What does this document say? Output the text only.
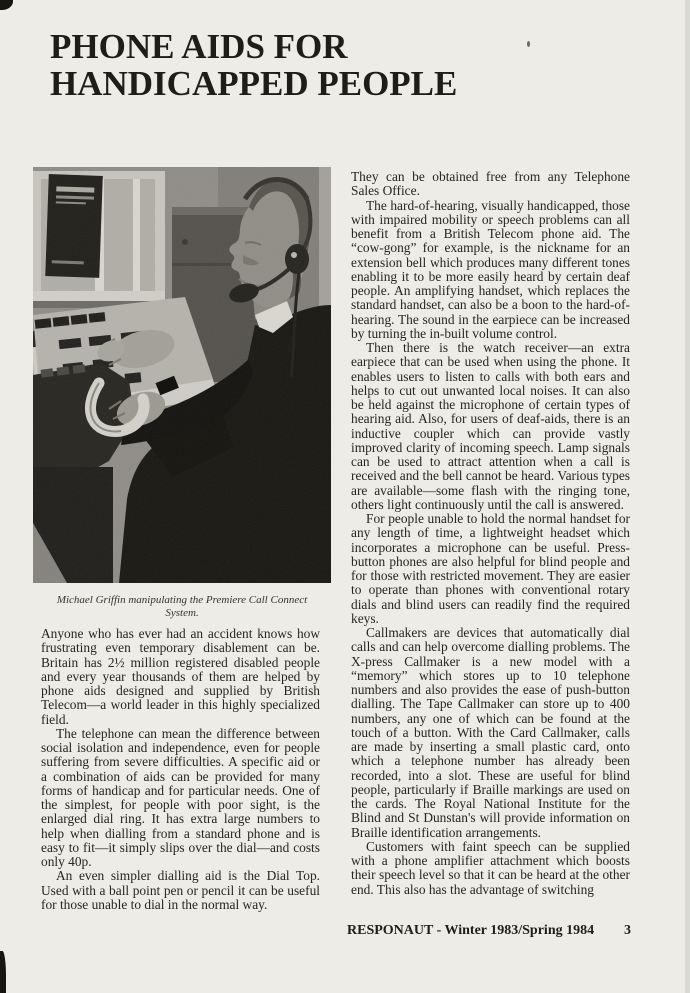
PHONE AIDS FOR
HANDICAPPED PEOPLE
Michael Griffin manipulating the Premiere Call Connect System.

Anyone who has ever had an accident knows how frustrating even temporary disablement can be. Britain has 2½ million registered disabled people and every year thousands of them are helped by phone aids designed and supplied by British Telecom—a world leader in this highly specialized field.

The telephone can mean the difference between social isolation and independence, even for people suffering from severe difficulties. A specific aid or a combination of aids can be provided for many forms of handicap and for particular needs. One of the simplest, for people with poor sight, is the enlarged dial ring. It has extra large numbers to help when dialling from a standard phone and is easy to fit—it simply slips over the dial—and costs only 40p.

An even simpler dialling aid is the Dial Top. Used with a ball point pen or pencil it can be useful for those unable to dial in the normal way.

They can be obtained free from any Telephone Sales Office.

The hard-of-hearing, visually handicapped, those with impaired mobility or speech problems can all benefit from a British Telecom phone aid. The “cow-gong” for example, is the nickname for an extension bell which produces many different tones enabling it to be more easily heard by certain deaf people. An amplifying handset, which replaces the standard handset, can also be a boon to the hard-of-hearing. The sound in the earpiece can be increased by turning the in-built volume control.

Then there is the watch receiver—an extra earpiece that can be used when using the phone. It enables users to listen to calls with both ears and helps to cut out unwanted local noises. It can also be held against the microphone of certain types of hearing aid. Also, for users of deaf-aids, there is an inductive coupler which can provide vastly improved clarity of incoming speech. Lamp signals can be used to attract attention when a call is received and the bell cannot be heard. Various types are available—some flash with the ringing tone, others light continuously until the call is answered.

For people unable to hold the normal handset for any length of time, a lightweight headset which incorporates a microphone can be useful. Press-button phones are also helpful for blind people and for those with restricted movement. They are easier to operate than phones with conventional rotary dials and blind users can readily find the required keys.

Callmakers are devices that automatically dial calls and can help overcome dialling problems. The X-press Callmaker is a new model with a “memory” which stores up to 10 telephone numbers and also provides the ease of push-button dialling. The Tape Callmaker can store up to 400 numbers, any one of which can be found at the touch of a button. With the Card Callmaker, calls are made by inserting a small plastic card, onto which a telephone number has already been recorded, into a slot. These are useful for blind people, particularly if Braille markings are used on the cards. The Royal National Institute for the Blind and St Dunstan's will provide information on Braille identification arrangements.

Customers with faint speech can be supplied with a phone amplifier attachment which boosts their speech level so that it can be heard at the other end. This also has the advantage of switching

RESPONAUT - Winter 1983/Spring 1984 3
